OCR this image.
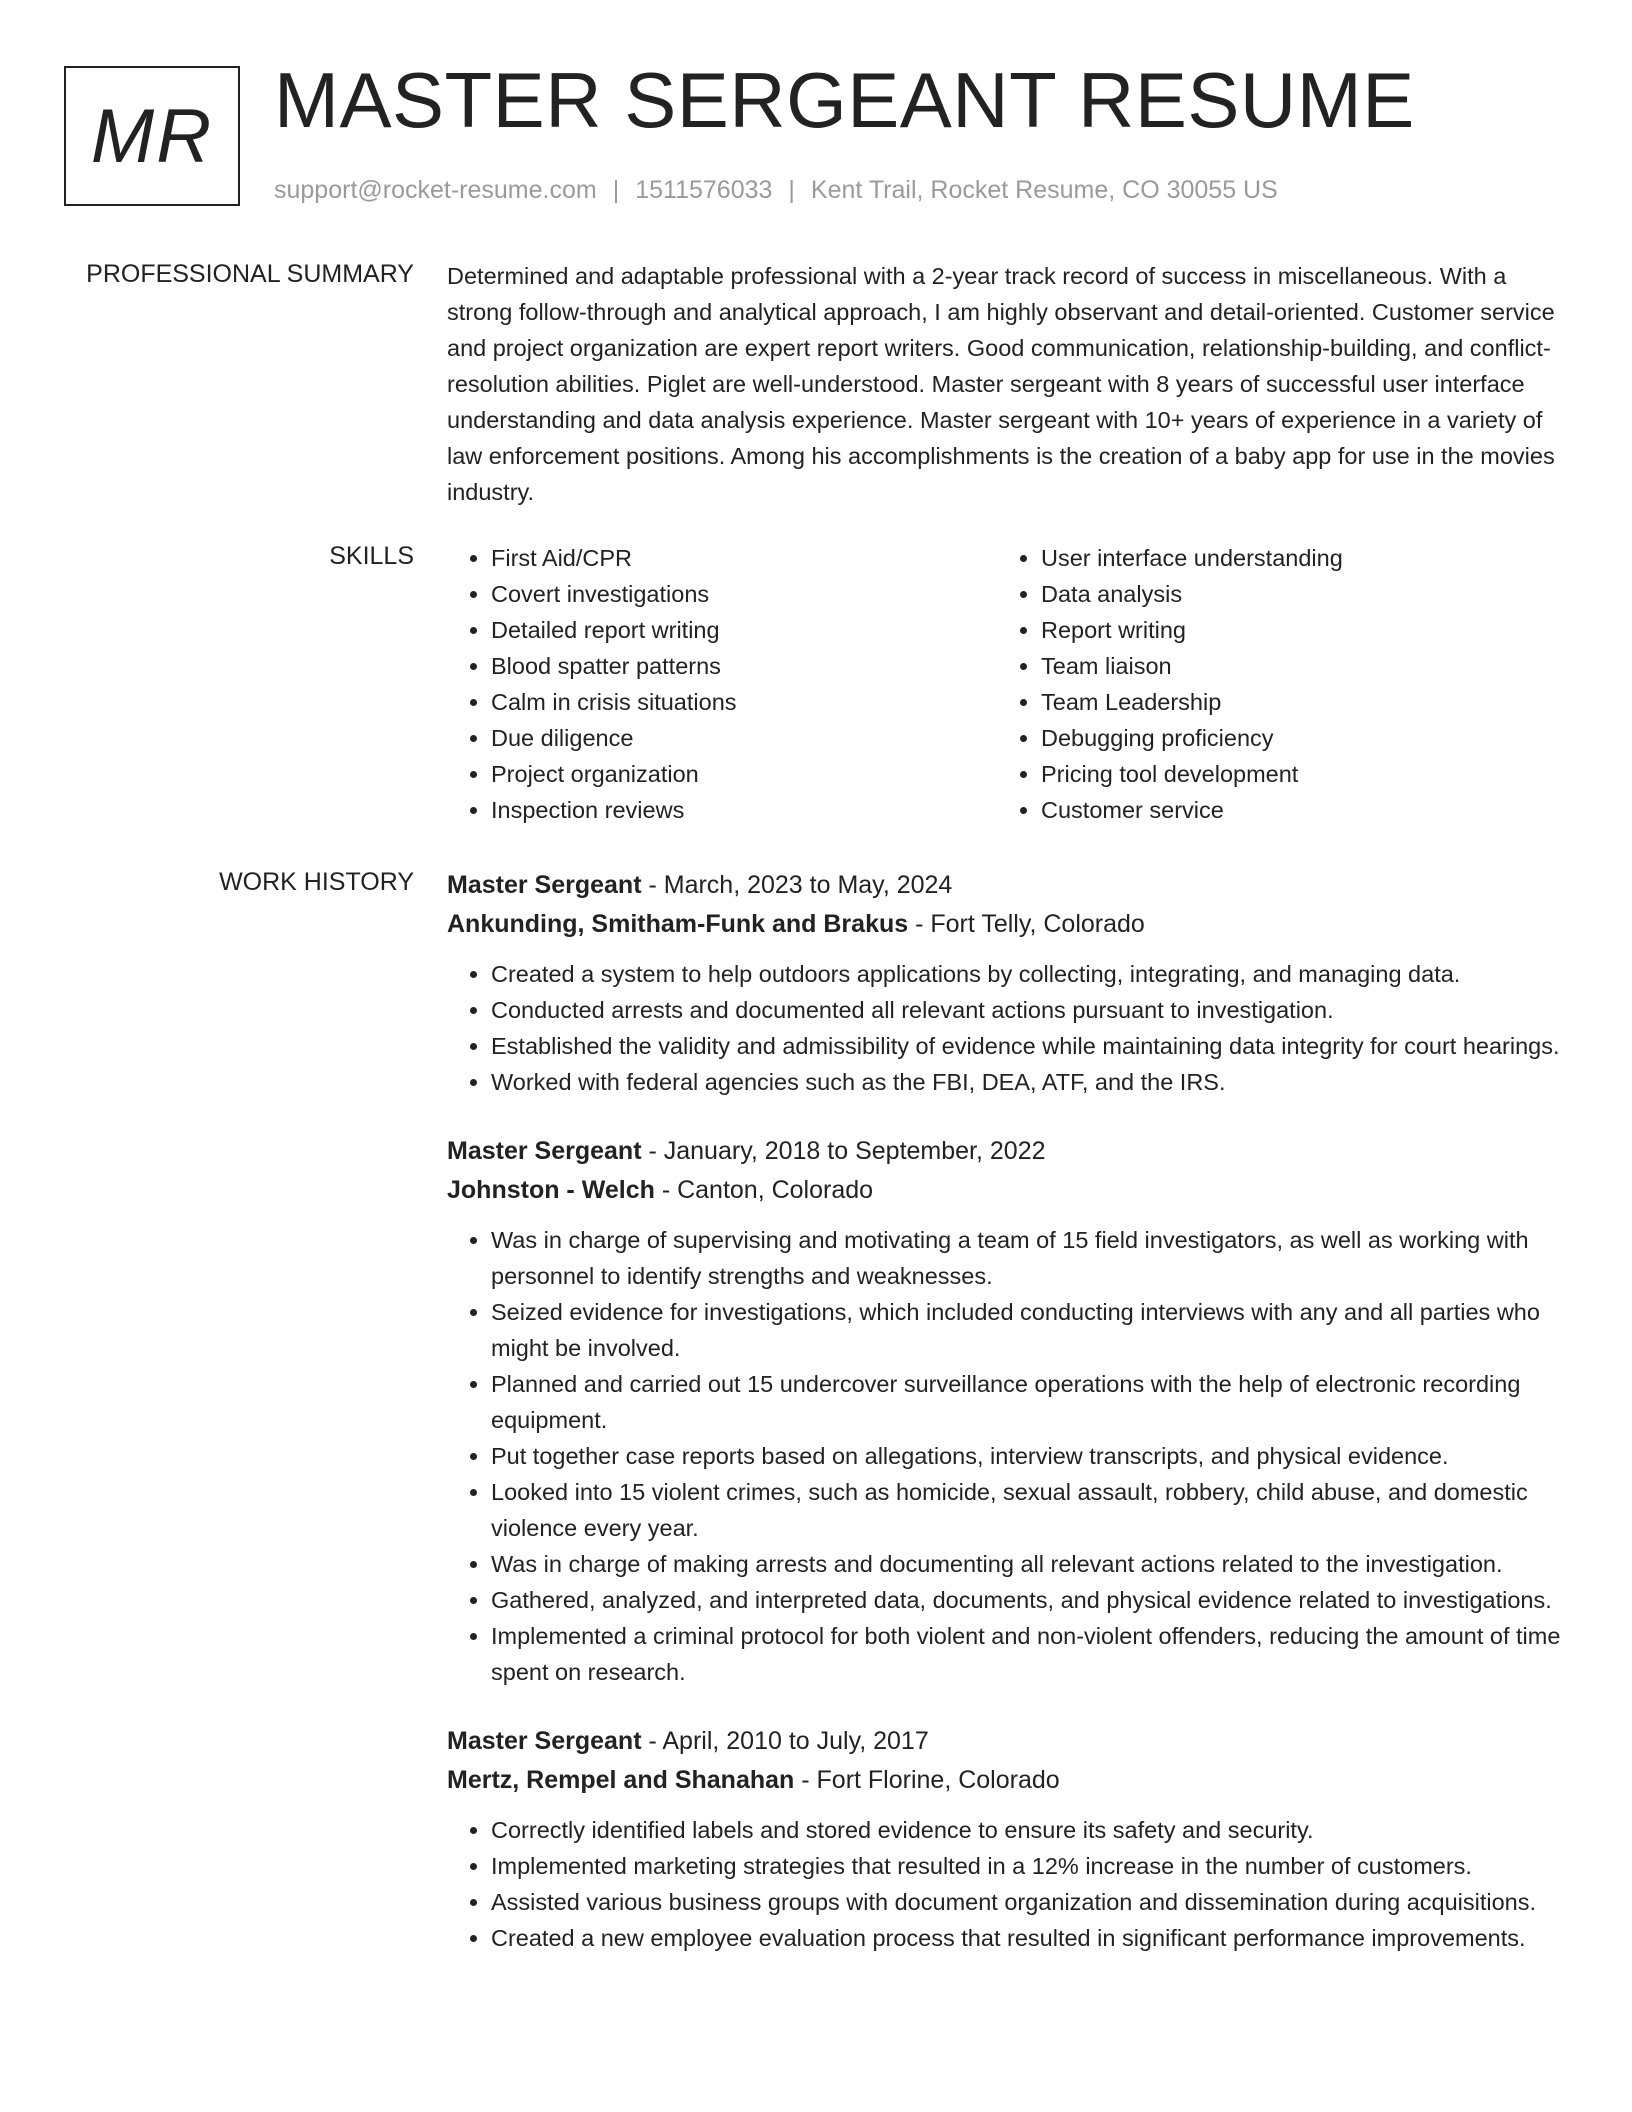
MR MASTER SERGEANT RESUME
support@rocket-resume.com | 1511576033 | Kent Trail, Rocket Resume, CO 30055 US
PROFESSIONAL SUMMARY Determined and adaptable professional with a 2-year track record of success in miscellaneous. With a strong follow-through and analytical approach, I am highly observant and detail-oriented. Customer service and project organization are expert report writers. Good communication, relationship-building, and conflict-resolution abilities. Piglet are well-understood. Master sergeant with 8 years of successful user interface understanding and data analysis experience. Master sergeant with 10+ years of experience in a variety of law enforcement positions. Among his accomplishments is the creation of a baby app for use in the movies industry.

SKILLS
•	First Aid/CPR
• Covert investigations
• Detailed report writing
• Blood spatter patterns
• Calm in crisis situations
• Due diligence
• Project organization
• Inspection reviews
• User interface understanding
• Data analysis
• Report writing
• Team liaison
• Team Leadership
• Debugging proficiency
• Pricing tool development
• Customer service
WORK HISTORY Master Sergeant - March, 2023 to May, 2024
Ankunding, Smitham-Funk and Brakus - Fort Telly, Colorado
• Created a system to help outdoors applications by collecting, integrating, and managing data.
• Conducted arrests and documented all relevant actions pursuant to investigation.
• Established the validity and admissibility of evidence while maintaining data integrity for court hearings.
• Worked with federal agencies such as the FBI, DEA, ATF, and the IRS.
Master Sergeant - January, 2018 to September, 2022
Johnston - Welch - Canton, Colorado
• Was in charge of supervising and motivating a team of 15 field investigators, as well as working with personnel to identify strengths and weaknesses.
• Seized evidence for investigations, which included conducting interviews with any and all parties who might be involved.
• Planned and carried out 15 undercover surveillance operations with the help of electronic recording equipment.
• Put together case reports based on allegations, interview transcripts, and physical evidence.
• Looked into 15 violent crimes, such as homicide, sexual assault, robbery, child abuse, and domestic violence every year.
• Was in charge of making arrests and documenting all relevant actions related to the investigation.
• Gathered, analyzed, and interpreted data, documents, and physical evidence related to investigations.
• Implemented a criminal protocol for both violent and non-violent offenders, reducing the amount of time spent on research.
Master Sergeant - April, 2010 to July, 2017
Mertz, Rempel and Shanahan - Fort Florine, Colorado
• Correctly identified labels and stored evidence to ensure its safety and security.
• Implemented marketing strategies that resulted in a 12% increase in the number of customers.
• Assisted various business groups with document organization and dissemination during acquisitions.
• Created a new employee evaluation process that resulted in significant performance improvements.
